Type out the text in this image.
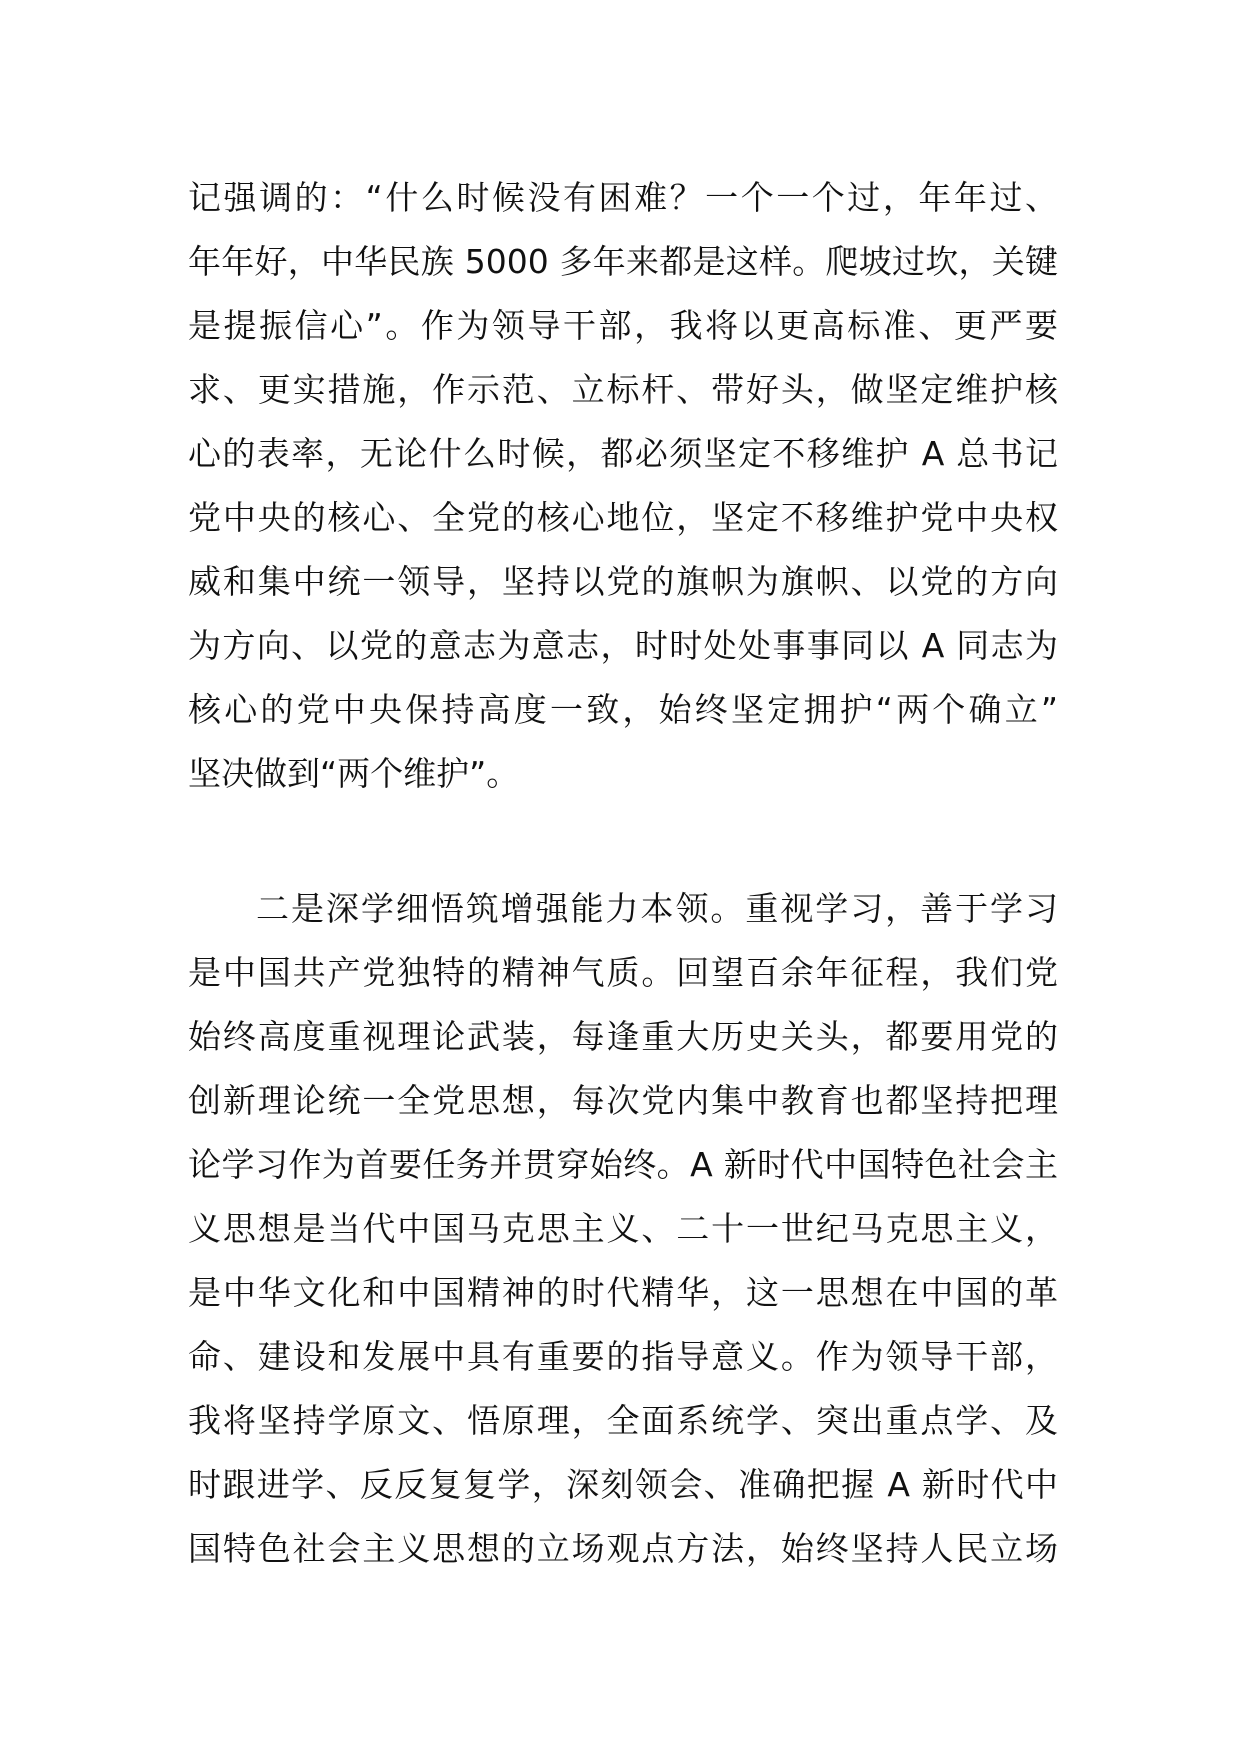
记强调的：“什么时候没有困难？一个一个过，年年过、
年年好，中华民族 5000 多年来都是这样。爬坡过坎，关键
是提振信心”。作为领导干部，我将以更高标准、更严要
求、更实措施，作示范、立标杆、带好头，做坚定维护核
心的表率，无论什么时候，都必须坚定不移维护 A 总书记
党中央的核心、全党的核心地位，坚定不移维护党中央权
威和集中统一领导，坚持以党的旗帜为旗帜、以党的方向
为方向、以党的意志为意志，时时处处事事同以 A 同志为
核心的党中央保持高度一致，始终坚定拥护“两个确立”
坚决做到“两个维护”。
二是深学细悟筑增强能力本领。重视学习，善于学习
是中国共产党独特的精神气质。回望百余年征程，我们党
始终高度重视理论武装，每逢重大历史关头，都要用党的
创新理论统一全党思想，每次党内集中教育也都坚持把理
论学习作为首要任务并贯穿始终。A 新时代中国特色社会主
义思想是当代中国马克思主义、二十一世纪马克思主义，
是中华文化和中国精神的时代精华，这一思想在中国的革
命、建设和发展中具有重要的指导意义。作为领导干部，
我将坚持学原文、悟原理，全面系统学、突出重点学、及
时跟进学、反反复复学，深刻领会、准确把握 A 新时代中
国特色社会主义思想的立场观点方法，始终坚持人民立场
